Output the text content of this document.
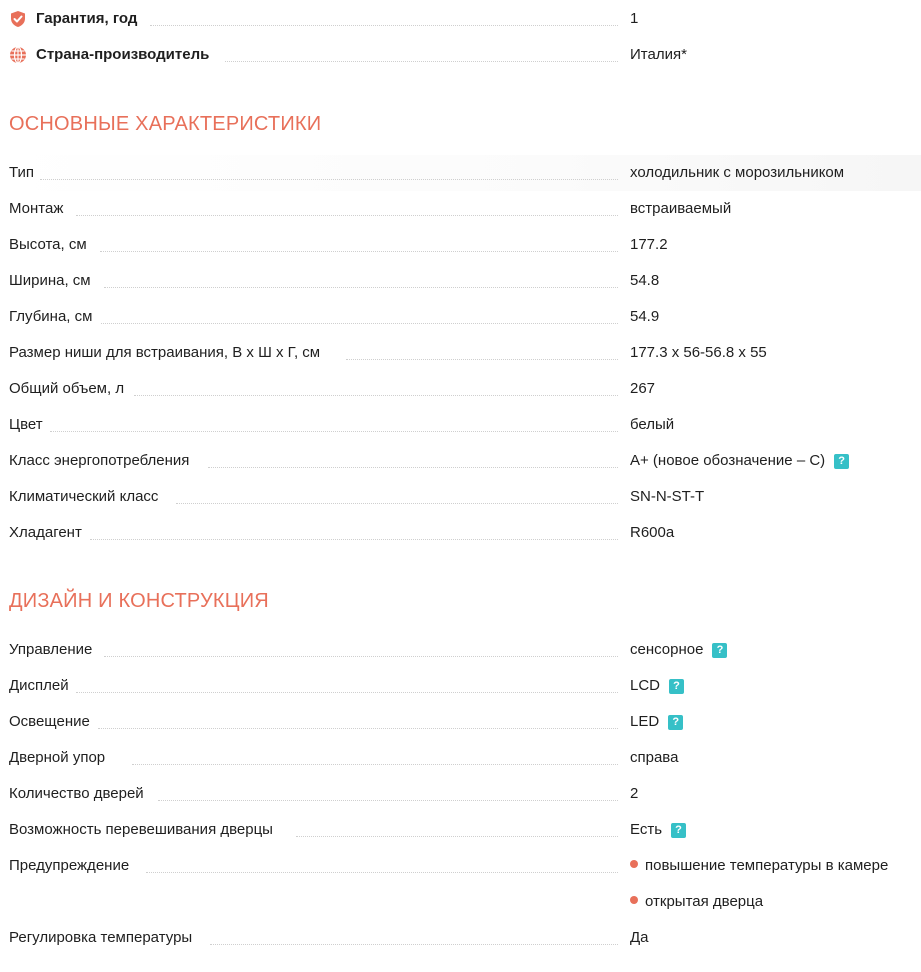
Гарантия, год	1
Страна-производитель	Италия*
ОСНОВНЫЕ ХАРАКТЕРИСТИКИ
Тип	холодильник с морозильником
Монтаж	встраиваемый
Высота, см	177.2
Ширина, см	54.8
Глубина, см	54.9
Размер ниши для встраивания, В x Ш x Г, см	177.3 x 56-56.8 x 55
Общий объем, л	267
Цвет	белый
Класс энергопотребления	A+ (новое обозначение – C) ?
Климатический класс	SN-N-ST-T
Хладагент	R600a
ДИЗАЙН И КОНСТРУКЦИЯ
Управление	сенсорное ?
Дисплей	LCD ?
Освещение	LED ?
Дверной упор	справа
Количество дверей	2
Возможность перевешивания дверцы	Есть ?
Предупреждение	повышение температуры в камере
открытая дверца
Регулировка температуры	Да
